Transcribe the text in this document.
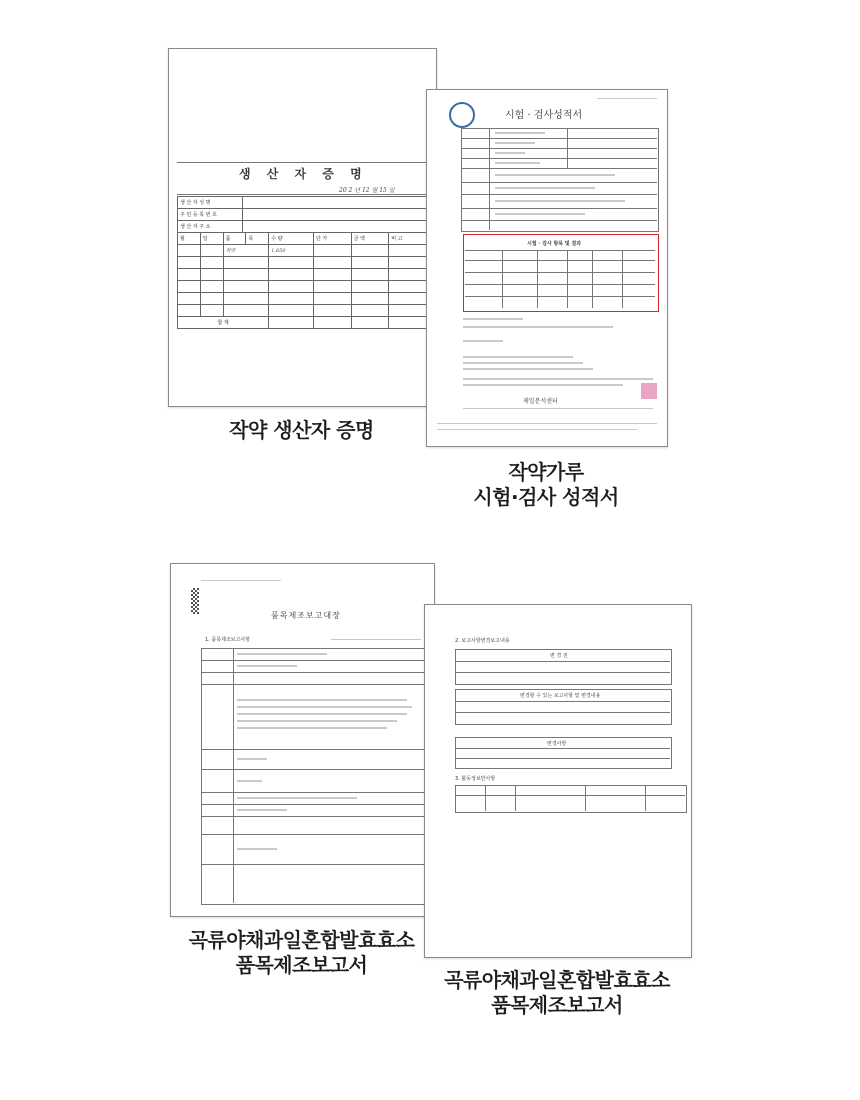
생 산 자 증 명
20 2 년 12 월 15 일
생 산 자 성 명	
주 민 등 록 번 호	
생 산 자 주 소	
월	일	품	목	수 량	단 가	금 액	비 고
		작약		1,650			

합 계							
작약 생산자 증명
시험 · 검사성적서
시험 · 검사 항목 및 결과
제일분석센터
작약가루
시험·검사 성적서
품목제조보고대장
1. 품목제조보고사항
곡류야채과일혼합발효효소
품목제조보고서
2. 보고사항변경보고내용
변 경 전
변경할 수 있는 보고사항 및 변경내용
변경사항
3. 활동정보반사항
곡류야채과일혼합발효효소
품목제조보고서
